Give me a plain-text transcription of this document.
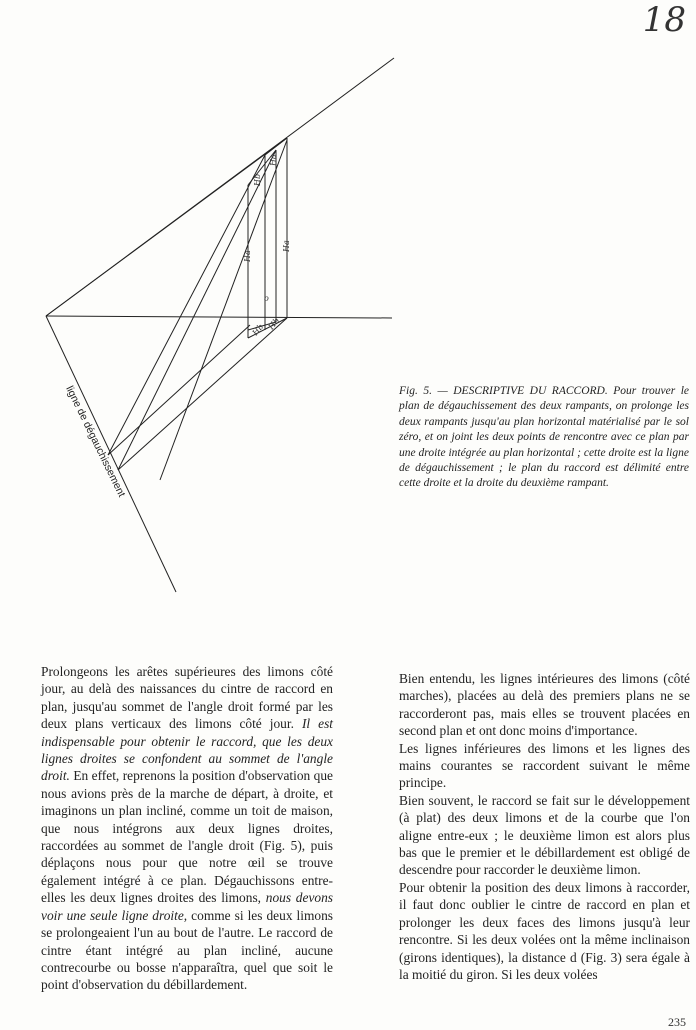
18
Ha
Hb
Ha
Ha
Hb Hb
o
ligne de dégauchissement	Fig. 5. — DESCRIPTIVE DU RACCORD. Pour trouver le plan de dégauchissement des deux rampants, on prolonge les deux rampants jusqu'au plan horizontal matérialisé par le sol zéro, et on joint les deux points de rencontre avec ce plan par une droite intégrée au plan horizontal ; cette droite est la ligne de dégauchissement ; le plan du raccord est délimité entre cette droite et la droite du deuxième rampant.

Prolongeons les arêtes supérieures des limons côté jour, au delà des naissances du cintre de raccord en plan, jusqu'au sommet de l'angle droit formé par les deux plans verticaux des limons côté jour. Il est indispensable pour obtenir le raccord, que les deux lignes droites se confondent au sommet de l'angle droit. En effet, reprenons la position d'observation que nous avions près de la marche de départ, à droite, et imaginons un plan incliné, comme un toit de maison, que nous intégrons aux deux lignes droites, raccordées au sommet de l'angle droit (Fig. 5), puis déplaçons nous pour que notre œil se trouve également intégré à ce plan. Dégauchissons entre-elles les deux lignes droites des limons, nous devons voir une seule ligne droite, comme si les deux limons se prolongeaient l'un au bout de l'autre. Le raccord de cintre étant intégré au plan incliné, aucune contrecourbe ou bosse n'apparaîtra, quel que soit le point d'observation du débillardement.

Bien entendu, les lignes intérieures des limons (côté marches), placées au delà des premiers plans ne se raccorderont pas, mais elles se trouvent placées en second plan et ont donc moins d'importance.

Les lignes inférieures des limons et les lignes des mains courantes se raccordent suivant le même principe.

Bien souvent, le raccord se fait sur le développement (à plat) des deux limons et de la courbe que l'on aligne entre-eux ; le deuxième limon est alors plus bas que le premier et le débillardement est obligé de descendre pour raccorder le deuxième limon.

Pour obtenir la position des deux limons à raccorder, il faut donc oublier le cintre de raccord en plan et prolonger les deux faces des limons jusqu'à leur rencontre. Si les deux volées ont la même inclinaison (girons identiques), la distance d (Fig. 3) sera égale à la moitié du giron. Si les deux volées

235
